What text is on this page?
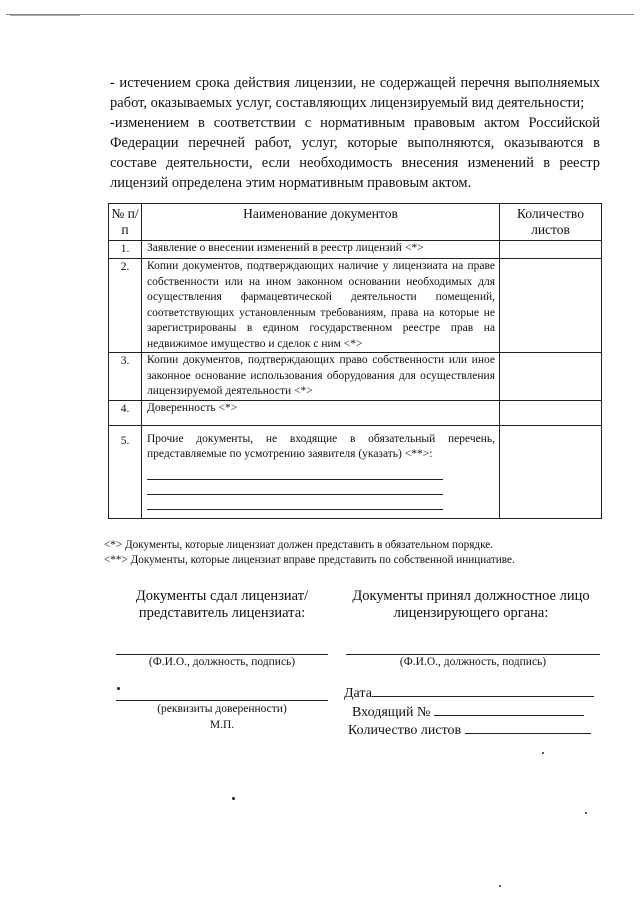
- истечением срока действия лицензии, не содержащей перечня выполняемых работ, оказываемых услуг, составляющих лицензируемый вид деятельности;

-изменением в соответствии с нормативным правовым актом Российской Федерации перечней работ, услуг, которые выполняются, оказываются в составе деятельности, если необходимость внесения изменений в реестр лицензий определена этим нормативным правовым актом.

№ п/п	Наименование документов	Количество листов
1.	Заявление о внесении изменений в реестр лицензий <*>	
2.	Копии документов, подтверждающих наличие у лицензиата на праве собственности или на ином законном основании необходимых для осуществления фармацевтической деятельности помещений, соответствующих установленным требованиям, права на которые не зарегистрированы в едином государственном реестре прав на недвижимое имущество и сделок с ним <*>	
3.	Копии документов, подтверждающих право собственности или иное законное основание использования оборудования для осуществления лицензируемой деятельности <*>	
4.	Доверенность <*>	
5.	Прочие документы, не входящие в обязательный перечень, представляемые по усмотрению заявителя (указать) <**>:	

<*> Документы, которые лицензиат должен представить в обязательном порядке.
<**> Документы, которые лицензиат вправе представить по собственной инициативе.
Документы сдал лицензиат/представитель лицензиата:
Документы принял должностное лицо лицензирующего органа:
(Ф.И.О., должность, подпись)	(Ф.И.О., должность, подпись)
(реквизиты доверенности)
М.П.
Дата
Входящий №
Количество листов
